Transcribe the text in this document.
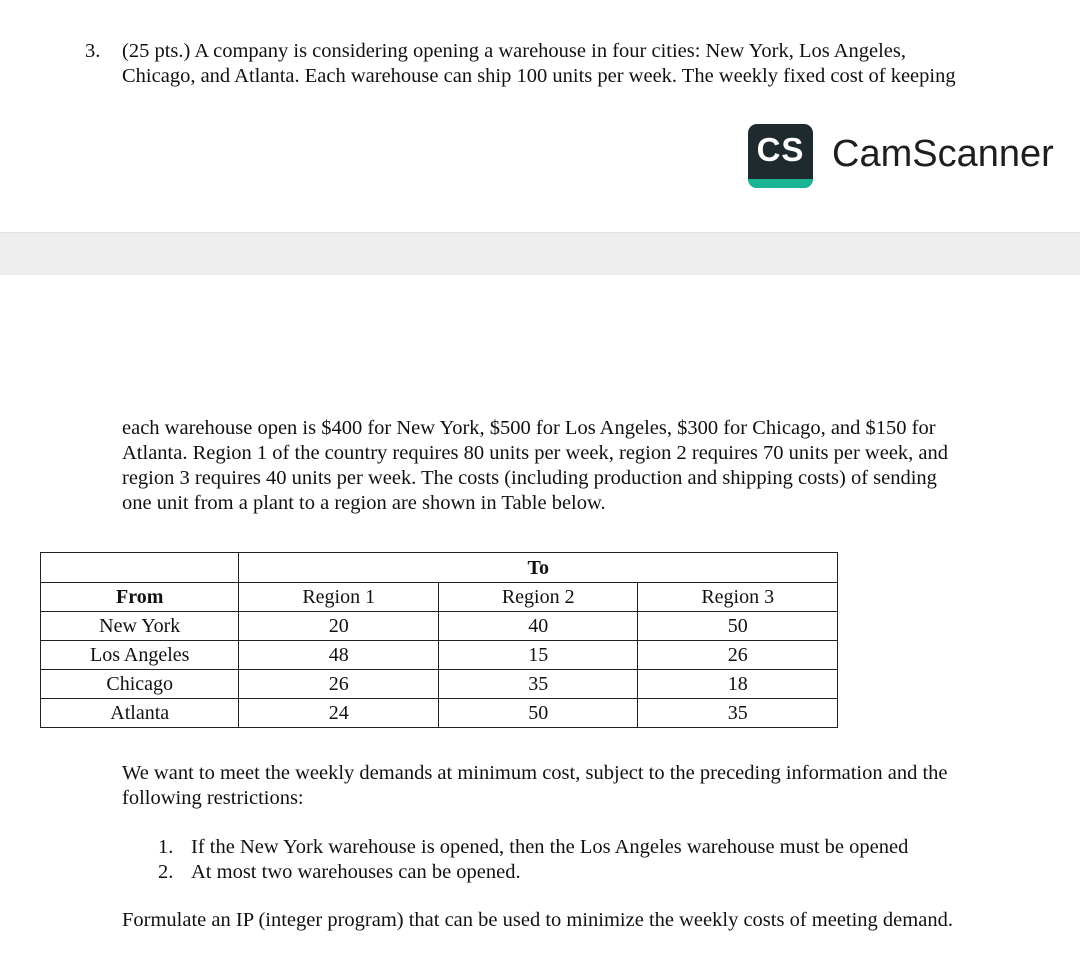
3. (25 pts.) A company is considering opening a warehouse in four cities: New York, Los Angeles,
Chicago, and Atlanta. Each warehouse can ship 100 units per week. The weekly fixed cost of keeping

CS CamScanner

each warehouse open is $400 for New York, $500 for Los Angeles, $300 for Chicago, and $150 for
Atlanta. Region 1 of the country requires 80 units per week, region 2 requires 70 units per week, and
region 3 requires 40 units per week. The costs (including production and shipping costs) of sending
one unit from a plant to a region are shown in Table below.

	To		
From	Region 1	Region 2	Region 3
New York	20	40	50
Los Angeles	48	15	26
Chicago	26	35	18
Atlanta	24	50	35

We want to meet the weekly demands at minimum cost, subject to the preceding information and the
following restrictions:

1. If the New York warehouse is opened, then the Los Angeles warehouse must be opened
2. At most two warehouses can be opened.

Formulate an IP (integer program) that can be used to minimize the weekly costs of meeting demand.
